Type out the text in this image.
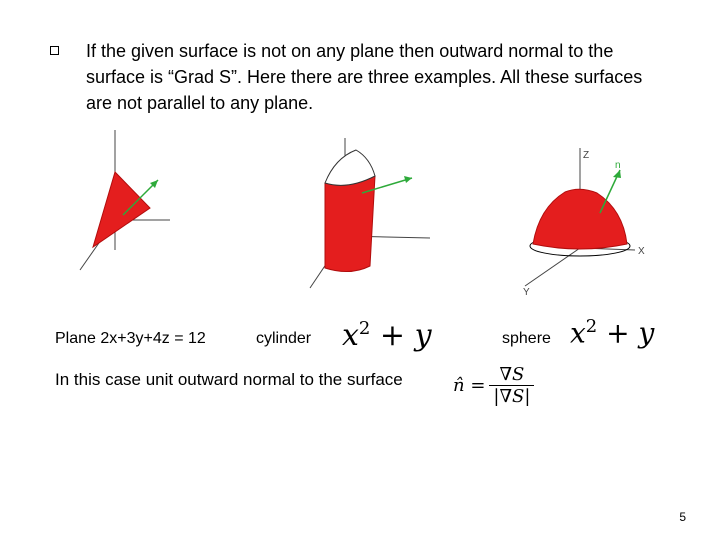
If the given surface is not on any plane then outward normal to the
surface is “Grad S”. Here there are three examples. All these surfaces
are not parallel to any plane.
Z
X
Y
n
Plane 2x+3y+4z = 12	cylinder $x^2 + y$	sphere $x^2 + y$
In this case unit outward normal to the surface	n̂ =	∇S
|∇S|
5
